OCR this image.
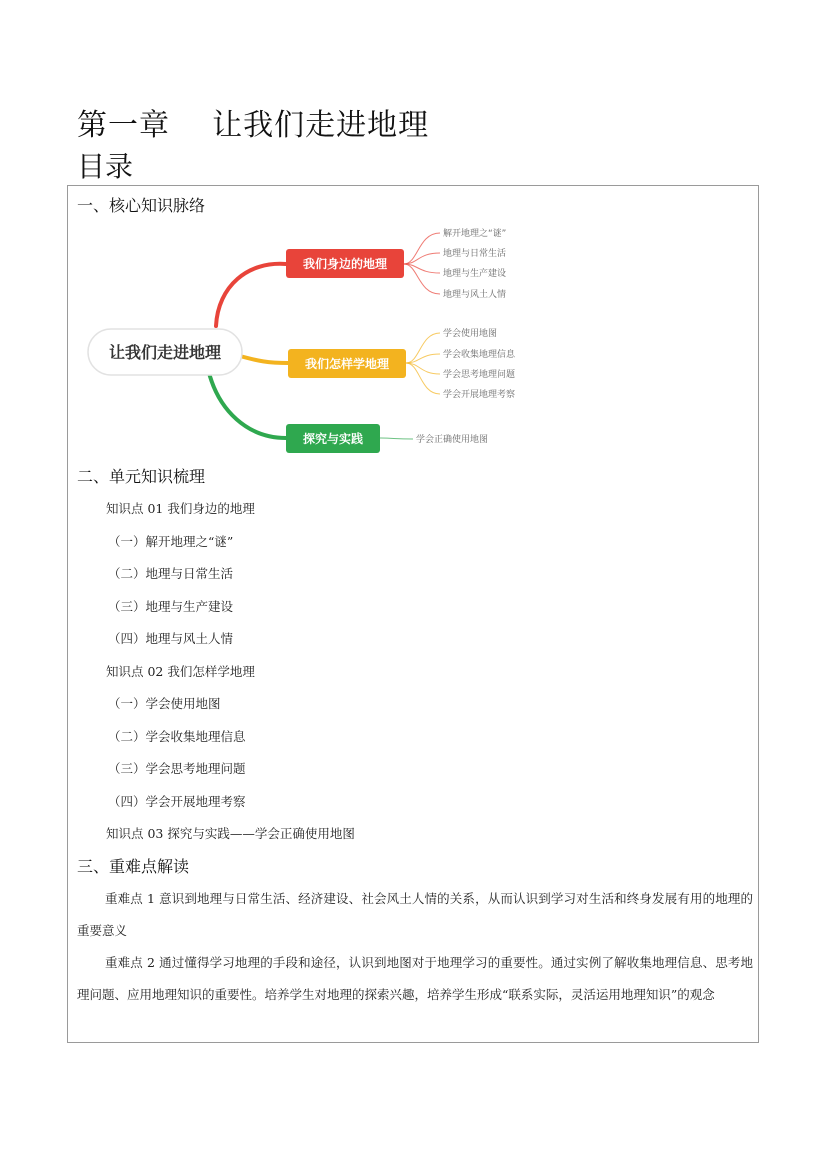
第一章    让我们走进地理
目录
一、核心知识脉络
让我们走进地理
我们身边的地理
我们怎样学地理
探究与实践
解开地理之“谜”
地理与日常生活
地理与生产建设
地理与风土人情
学会使用地图
学会收集地理信息
学会思考地理问题
学会开展地理考察
学会正确使用地图
二、单元知识梳理
知识点 01 我们身边的地理
（一）解开地理之“谜”
（二）地理与日常生活
（三）地理与生产建设
（四）地理与风土人情
知识点 02 我们怎样学地理
（一）学会使用地图
（二）学会收集地理信息
（三）学会思考地理问题
（四）学会开展地理考察
知识点 03 探究与实践——学会正确使用地图
三、重难点解读
重难点 1 意识到地理与日常生活、经济建设、社会风土人情的关系，从而认识到学习对生活和终身发展有用的地理的重要意义
重难点 2 通过懂得学习地理的手段和途径，认识到地图对于地理学习的重要性。通过实例了解收集地理信息、思考地理问题、应用地理知识的重要性。培养学生对地理的探索兴趣，培养学生形成“联系实际，灵活运用地理知识”的观念
